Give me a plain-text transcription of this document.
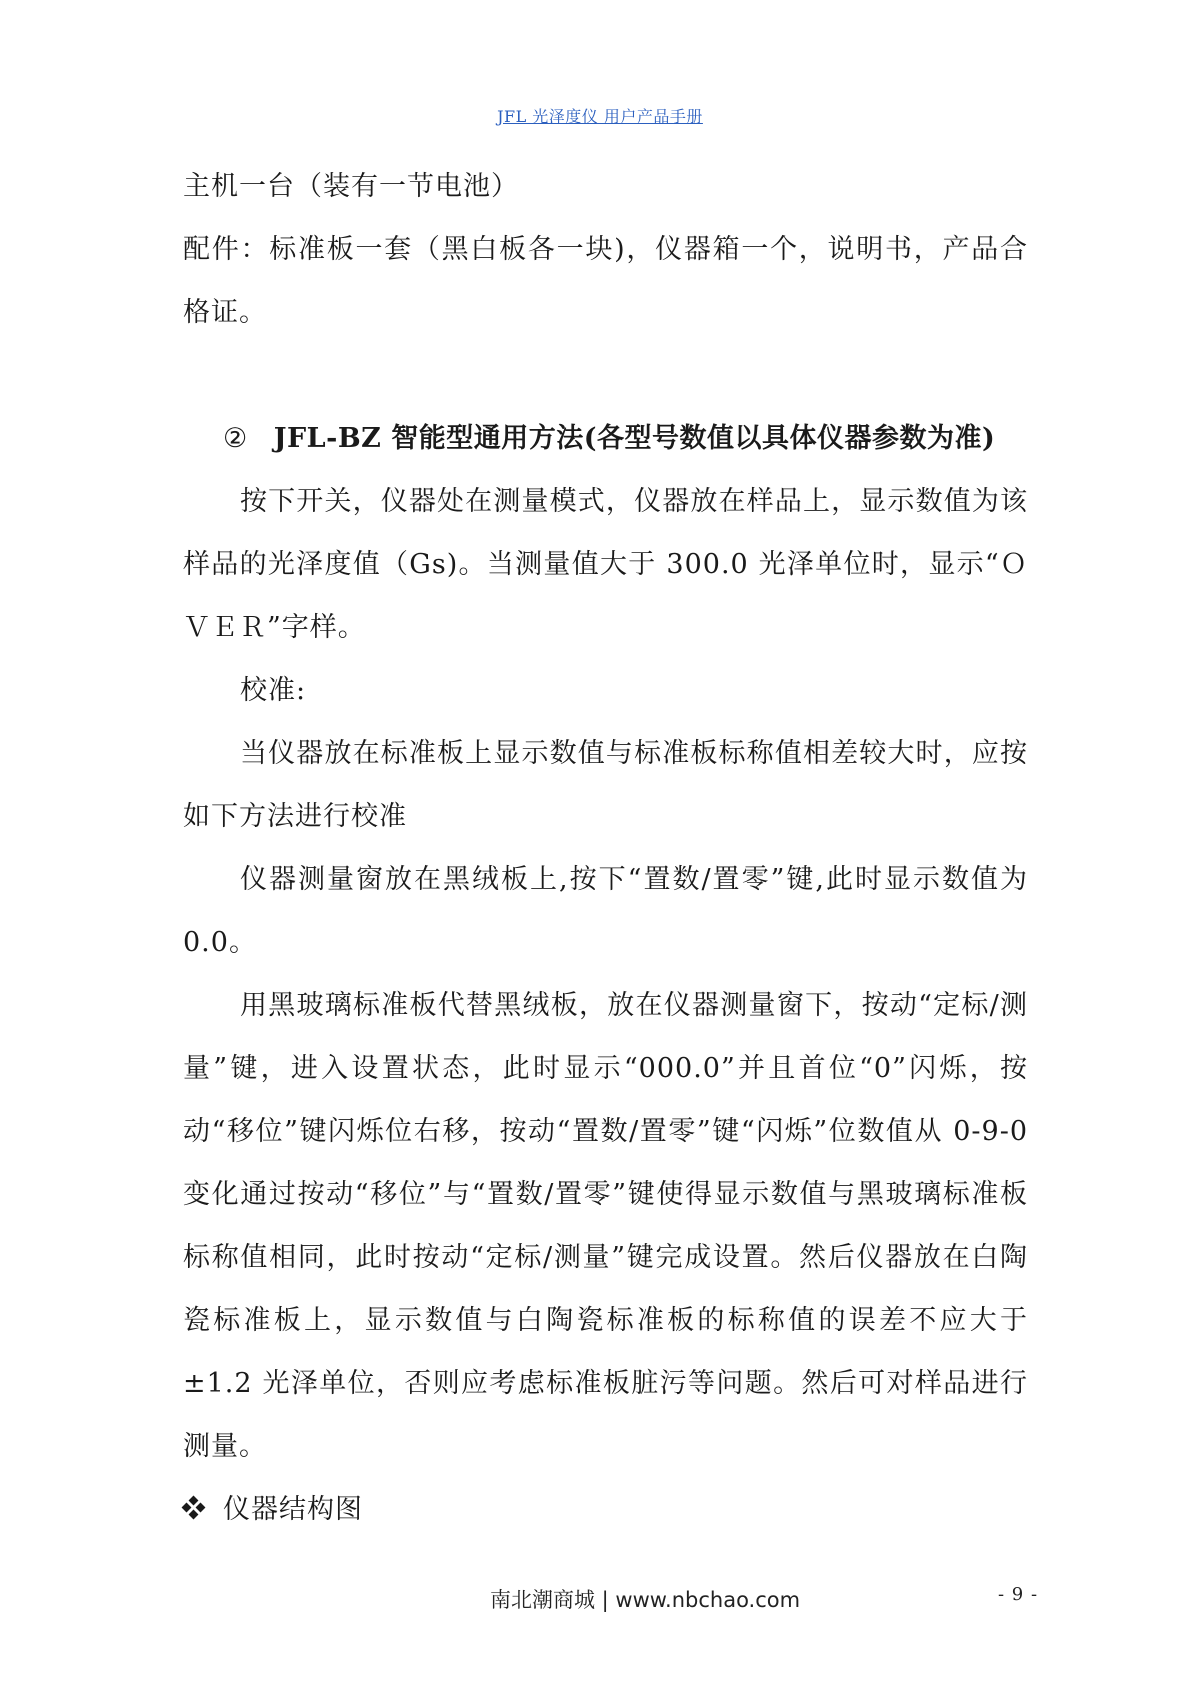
JFL 光泽度仪 用户产品手册

主机一台（装有一节电池）

配件：标准板一套（黑白板各一块)，仪器箱一个，说明书，产品合格证。

② JFL-BZ 智能型通用方法(各型号数值以具体仪器参数为准)

按下开关，仪器处在测量模式，仪器放在样品上，显示数值为该样品的光泽度值（Gs)。当测量值大于 300.0 光泽单位时，显示“ＯＶＥＲ”字样。

校准:

当仪器放在标准板上显示数值与标准板标称值相差较大时，应按如下方法进行校准

仪器测量窗放在黑绒板上,按下“置数/置零”键,此时显示数值为 0.0。

用黑玻璃标准板代替黑绒板，放在仪器测量窗下，按动“定标/测量”键，进入设置状态，此时显示“000.0”并且首位“0”闪烁，按动“移位”键闪烁位右移，按动“置数/置零”键“闪烁”位数值从 0-9-0 变化通过按动“移位”与“置数/置零”键使得显示数值与黑玻璃标准板标称值相同，此时按动“定标/测量”键完成设置。然后仪器放在白陶瓷标准板上，显示数值与白陶瓷标准板的标称值的误差不应大于±1.2 光泽单位，否则应考虑标准板脏污等问题。然后可对样品进行测量。

仪器结构图

南北潮商城 | www.nbchao.com	- 9 -
